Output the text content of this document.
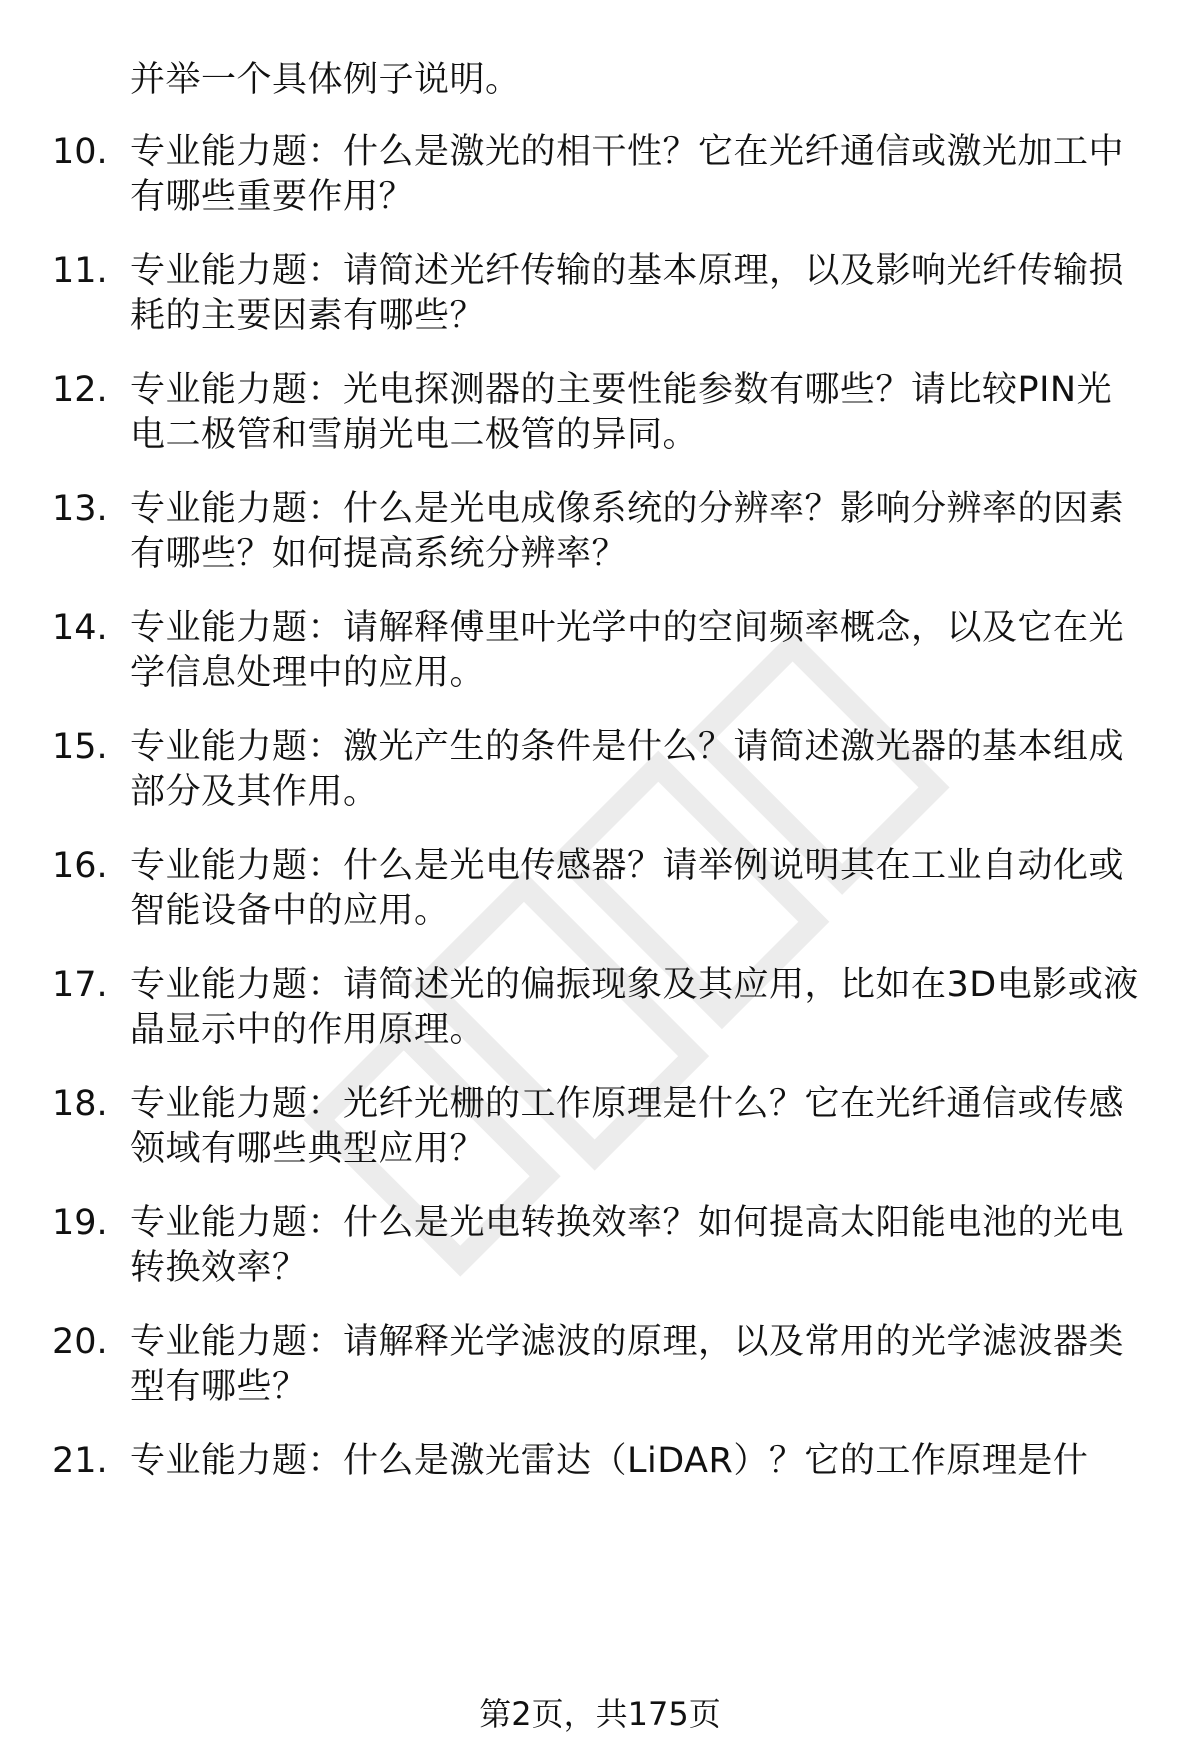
并举一个具体例子说明。
10. 专业能力题：什么是激光的相干性？它在光纤通信或激光加工中
有哪些重要作用？
11. 专业能力题：请简述光纤传输的基本原理，以及影响光纤传输损
耗的主要因素有哪些？
12. 专业能力题：光电探测器的主要性能参数有哪些？请比较PIN光
电二极管和雪崩光电二极管的异同。
13. 专业能力题：什么是光电成像系统的分辨率？影响分辨率的因素
有哪些？如何提高系统分辨率？
14. 专业能力题：请解释傅里叶光学中的空间频率概念，以及它在光
学信息处理中的应用。
15. 专业能力题：激光产生的条件是什么？请简述激光器的基本组成
部分及其作用。
16. 专业能力题：什么是光电传感器？请举例说明其在工业自动化或
智能设备中的应用。
17. 专业能力题：请简述光的偏振现象及其应用，比如在3D电影或液
晶显示中的作用原理。
18. 专业能力题：光纤光栅的工作原理是什么？它在光纤通信或传感
领域有哪些典型应用？
19. 专业能力题：什么是光电转换效率？如何提高太阳能电池的光电
转换效率？
20. 专业能力题：请解释光学滤波的原理，以及常用的光学滤波器类
型有哪些？
21. 专业能力题：什么是激光雷达（LiDAR）？它的工作原理是什
第2页，共175页
